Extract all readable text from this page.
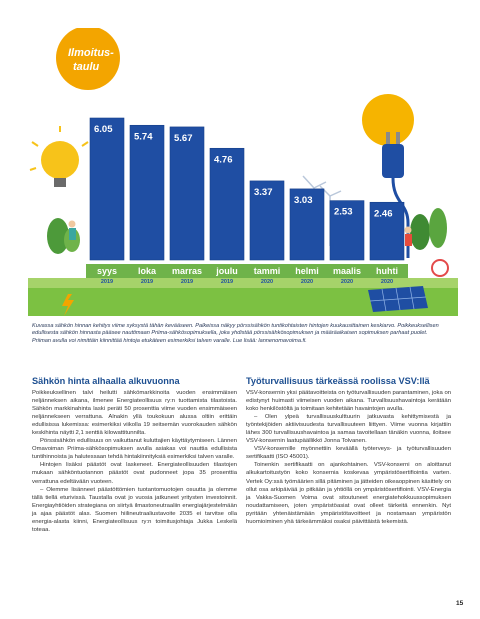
Ilmoitus-
taulu
6.05
syys
2019
5.74
loka
2019
5.67
marras
2019
4.76
joulu
2019
3.37
tammi
2020
3.03
helmi
2020
2.53
maalis
2020
2.46
huhti
2020
Kuvassa sähkön hinnan kehitys viime syksystä tähän kevääseen. Palkeissa näkyy pörssisähkön tuntikohtaisten hintojen kuukausittainen keskiarvo. Poikkeuksellisen edullisesta sähkön hinnasta pääsee nauttimaan Priima-sähkösopimuksella, joka yhdistää pörssisähkösopimuksen ja määräaikaisen sopimuksen parhaat puolet. Priiman avulla voi nimittäin kiinnittää hintoja etukäteen esimerkiksi talven varalle. Lue lisää: lannenomavoima.fi.
Sähkön hinta alhaalla alkuvuonna

Poikkeuksellinen talvi heilutti sähkömarkkinoita vuoden ensimmäisen neljänneksen aikana, ilmenee Energiateollisuus ry:n tuottamista tilastoista. Sähkön markkinahinta laski peräti 50 prosenttia viime vuoden ensimmäiseen neljännekseen verrattuna. Alnakin yllä toukokuun alussa oltiin erittäin edullisissa lukemissa: esimerkiksi viikolla 19 seitsemän vuorokauden sähkön keskihinta näytti 2,1 senttiä kilowattitunnilta.

Pörssisähkön edullisuus on vaikuttanut kuluttajien käyttäytymiseen. Lännen Omavoiman Priima-sähkösopimuksen avulla asiakas voi nauttia edullisista tuntihinnoista ja halutessaan tehdä hintakiinnityksiä esimerkiksi talven varalle.

Hintojen lisäksi päästöt ovat laskeneet. Energiateollisuuden tilastojen mukaan sähköntuotannon päästöt ovat pudonneet jopa 35 prosenttia verrattuna edeltävään vuoteen.

– Olemme lisänneet päästöttömien tuotantomuotojen osuutta ja olemme tällä tiellä eturivissä. Taustalla ovat jo vuosia jatkuneet yritysten investoinnit. Energiayhtiöiden strategiana on siirtyä ilmastoneutraaliin energiajärjestelmään ja ajaa päästöt alas. Suomen hiilineutraaliustavoite 2035 ei tarvitse olla energia-alasta kiinni, Energiateollisuus ry:n toimitusjohtaja Jukka Leskelä toteaa.

Työturvallisuus tärkeässä roolissa VSV:llä

VSV-konsernin yksi päätavoitteista on työturvallisuuden parantaminen, joka on edistynyt huimasti viimeisen vuoden aikana. Turvallisuushavaintoja kerätään koko henkilöstöltä ja toimitaan kehitetään havaintojen avulla.

– Olen ylpeä turvallisuuskulttuurin jatkuvasta kehittymisestä ja työntekijöiden aktiivisuudesta turvallisuuteen liittyen. Viime vuonna kirjattiin lähes 300 turvallisuushavaintoa ja samaa tavoitellaan tänäkin vuonna, iloitsee VSV-konsernin laatupäällikkö Jonna Tolvanen.

VSV-konsernille myönnettiin keväällä työterveys- ja työturvallisuuden sertifikaatti (ISO 45001).

Toinenkin sertifikaatti on ajankohtainen. VSV-konserni on aloittanut alkukartoitustyön koko konsernia koskevaa ympäristösertifiointia varten. Vertek Oy:ssä työmäärien sillä pitäminen ja jätteiden oikeaoppinen käsittely on ollut osa arkipäivää jo pitkään ja yhtiöllä on ympäristösertifiointi. VSV-Energia ja Vakka-Suomen Voima ovat sitoutuneet energiatehokkuussopimuksen noudattamiseen, joten ympäristöasiat ovat olleet tärkeitä ennenkin. Nyt pyritään yhtenäistämään ympäristötavoitteet ja nostamaan ympäristön huomioiminen yhä tärkeämmäksi osaksi päivittäistä tekemistä.

15
